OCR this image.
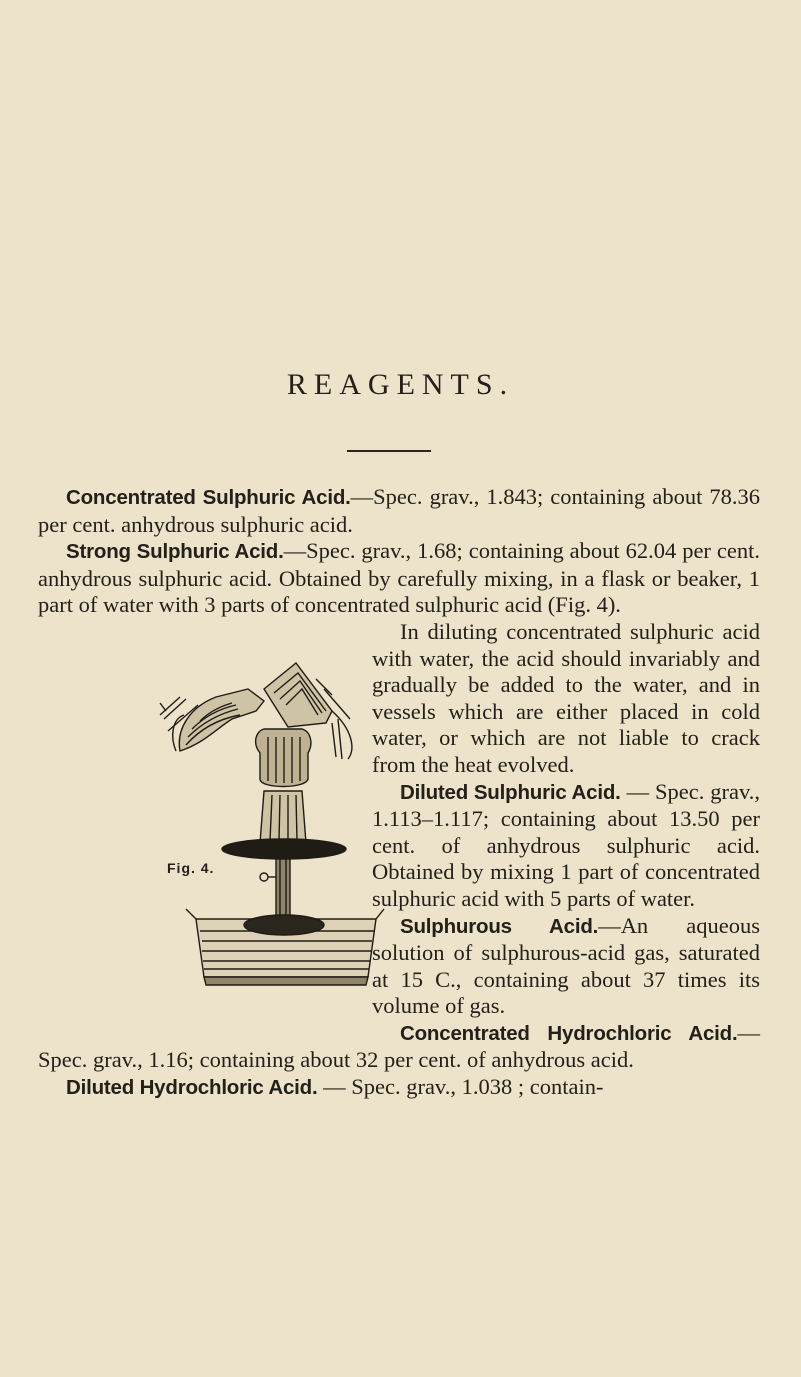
REAGENTS.

Concentrated Sulphuric Acid.—Spec. grav., 1.843; containing about 78.36 per cent. anhydrous sulphuric acid.

Strong Sulphuric Acid.—Spec. grav., 1.68; containing about 62.04 per cent. anhydrous sulphuric acid. Obtained by carefully mixing, in a flask or beaker, 1 part of water with 3 parts of concentrated sulphuric acid (Fig. 4).

In diluting concentrated sulphuric acid with water, the acid should invariably and gradually be added to the water, and in vessels which are either placed in cold water, or which are not liable to crack from the heat evolved.

Diluted Sulphuric Acid. — Spec. grav., 1.113–1.117; containing about 13.50 per cent. of anhydrous sulphuric acid. Obtained by mixing 1 part of concentrated sulphuric acid with 5 parts of water.

Sulphurous Acid.—An aqueous solution of sulphurous-acid gas, saturated at 15 C., containing about 37 times its volume of gas.

Concentrated Hydrochloric Acid.—Spec. grav., 1.16; containing about 32 per cent. of anhydrous acid.

Diluted Hydrochloric Acid. — Spec. grav., 1.038 ; contain-

Fig. 4.
